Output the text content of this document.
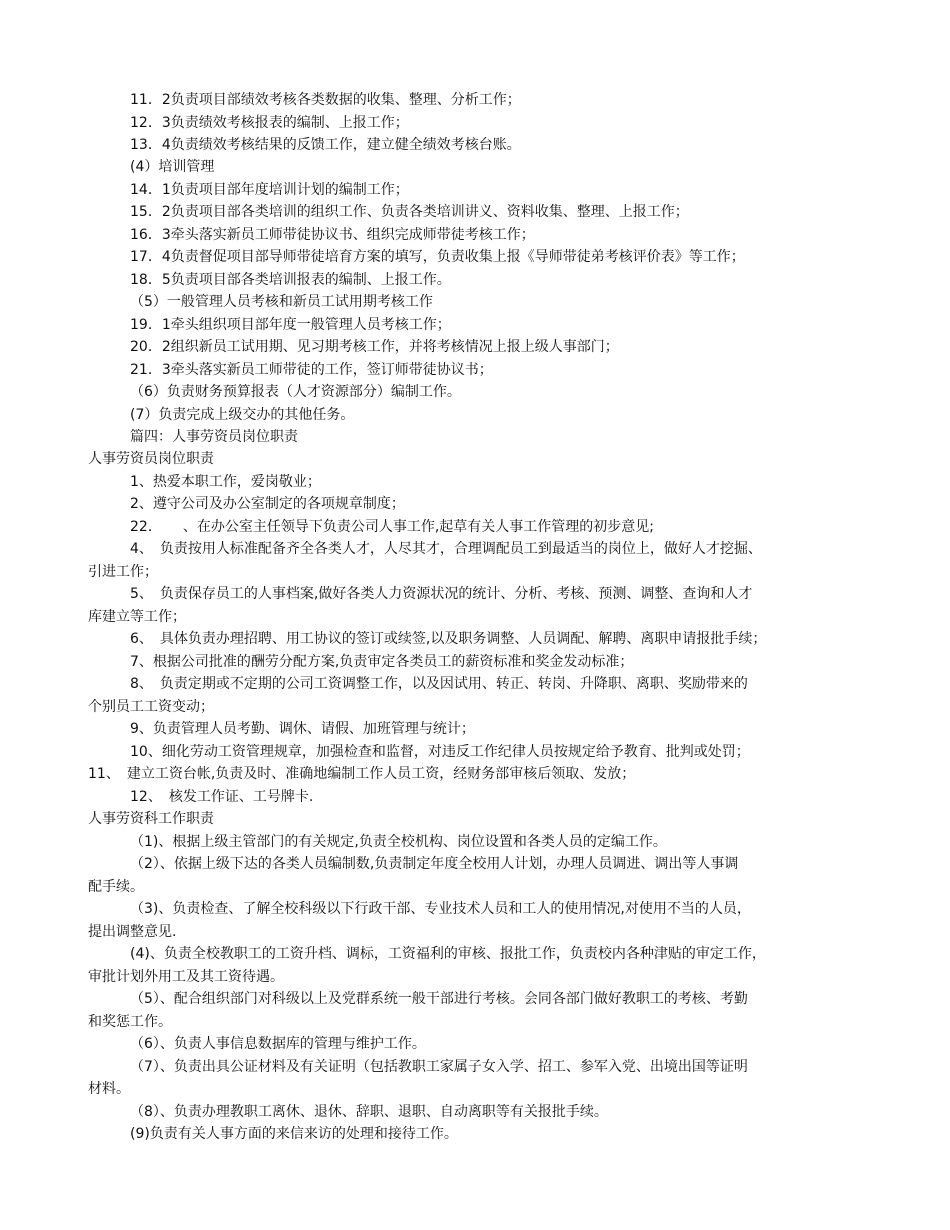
11．2负责项目部绩效考核各类数据的收集、整理、分析工作；

12．3负责绩效考核报表的编制、上报工作；

13．4负责绩效考核结果的反馈工作，建立健全绩效考核台账。

(4）培训管理

14．1负责项目部年度培训计划的编制工作；

15．2负责项目部各类培训的组织工作、负责各类培训讲义、资料收集、整理、上报工作；

16．3牵头落实新员工师带徒协议书、组织完成师带徒考核工作；

17．4负责督促项目部导师带徒培育方案的填写，负责收集上报《导师带徒弟考核评价表》等工作；

18．5负责项目部各类培训报表的编制、上报工作。

（5）一般管理人员考核和新员工试用期考核工作

19．1牵头组织项目部年度一般管理人员考核工作；

20．2组织新员工试用期、见习期考核工作，并将考核情况上报上级人事部门；

21．3牵头落实新员工师带徒的工作，签订师带徒协议书；

（6）负责财务预算报表（人才资源部分）编制工作。

(7）负责完成上级交办的其他任务。

篇四：人事劳资员岗位职责

人事劳资员岗位职责

1、热爱本职工作，爱岗敬业；

2、遵守公司及办公室制定的各项规章制度；

22．　　、在办公室主任领导下负责公司人事工作,起草有关人事工作管理的初步意见;

4、　负责按用人标准配备齐全各类人才，人尽其才，合理调配员工到最适当的岗位上，做好人才挖掘、

引进工作；

5、　负责保存员工的人事档案,做好各类人力资源状况的统计、分析、考核、预测、调整、查询和人才

库建立等工作；

6、　具体负责办理招聘、用工协议的签订或续签,以及职务调整、人员调配、解聘、离职申请报批手续；

7、根据公司批准的酬劳分配方案,负责审定各类员工的薪资标准和奖金发动标准；

8、　负责定期或不定期的公司工资调整工作，以及因试用、转正、转岗、升降职、离职、奖励带来的

个别员工工资变动；

9、负责管理人员考勤、调休、请假、加班管理与统计；

10、细化劳动工资管理规章，加强检查和监督，对违反工作纪律人员按规定给予教育、批判或处罚；

11、　建立工资台帐,负责及时、准确地编制工作人员工资，经财务部审核后领取、发放；

12、　核发工作证、工号牌卡.

人事劳资科工作职责

（1)、根据上级主管部门的有关规定,负责全校机构、岗位设置和各类人员的定编工作。

（2）、依据上级下达的各类人员编制数,负责制定年度全校用人计划，办理人员调进、调出等人事调

配手续。

（3)、负责检查、了解全校科级以下行政干部、专业技术人员和工人的使用情况,对使用不当的人员，

提出调整意见.

(4)、负责全校教职工的工资升档、调标，工资福利的审核、报批工作，负责校内各种津贴的审定工作，

审批计划外用工及其工资待遇。

（5）、配合组织部门对科级以上及党群系统一般干部进行考核。会同各部门做好教职工的考核、考勤

和奖惩工作。

（6）、负责人事信息数据库的管理与维护工作。

（7）、负责出具公证材料及有关证明（包括教职工家属子女入学、招工、参军入党、出境出国等证明

材料。

（8）、负责办理教职工离休、退休、辞职、退职、自动离职等有关报批手续。

(9)负责有关人事方面的来信来访的处理和接待工作。
